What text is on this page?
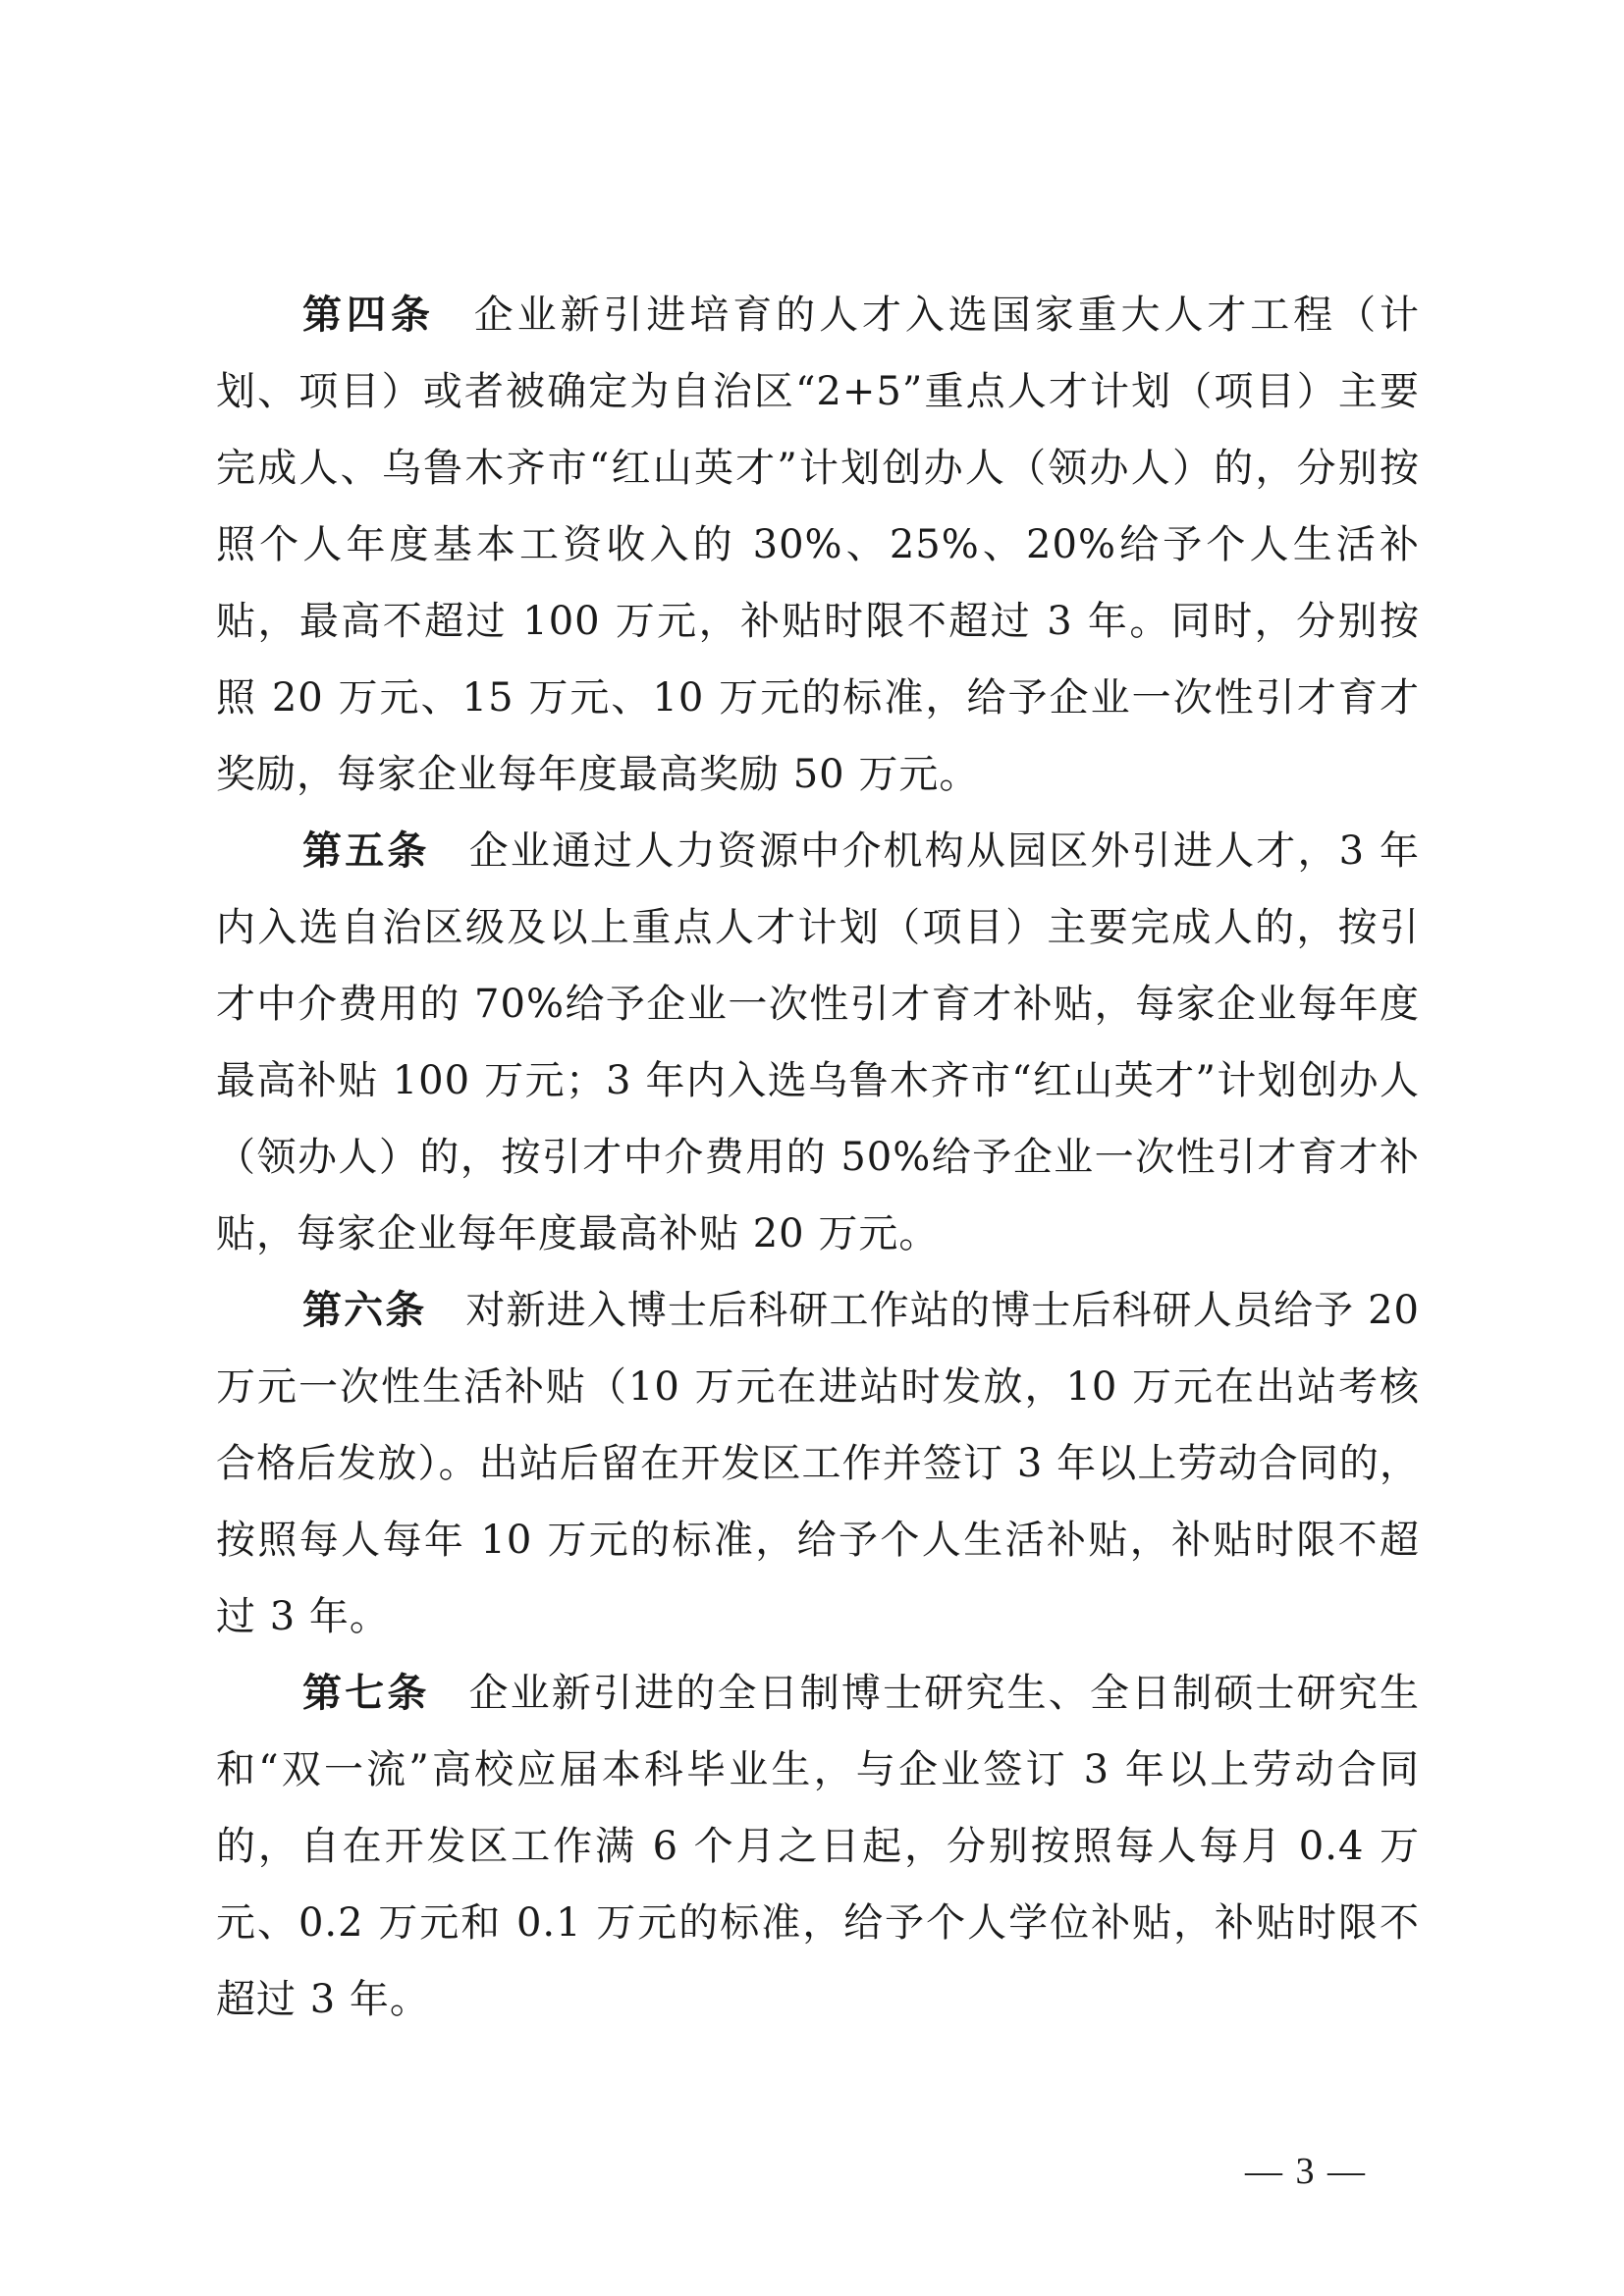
第四条 企业新引进培育的人才入选国家重大人才工程（计划、项目）或者被确定为自治区“2+5”重点人才计划（项目）主要完成人、乌鲁木齐市“红山英才”计划创办人（领办人）的，分别按照个人年度基本工资收入的 30%、25%、20%给予个人生活补贴，最高不超过 100 万元，补贴时限不超过 3 年。同时，分别按照 20 万元、15 万元、10 万元的标准，给予企业一次性引才育才奖励，每家企业每年度最高奖励 50 万元。

第五条 企业通过人力资源中介机构从园区外引进人才，3 年内入选自治区级及以上重点人才计划（项目）主要完成人的，按引才中介费用的 70%给予企业一次性引才育才补贴，每家企业每年度最高补贴 100 万元；3 年内入选乌鲁木齐市“红山英才”计划创办人（领办人）的，按引才中介费用的 50%给予企业一次性引才育才补贴，每家企业每年度最高补贴 20 万元。

第六条 对新进入博士后科研工作站的博士后科研人员给予 20 万元一次性生活补贴（10 万元在进站时发放，10 万元在出站考核合格后发放）。出站后留在开发区工作并签订 3 年以上劳动合同的，按照每人每年 10 万元的标准，给予个人生活补贴，补贴时限不超过 3 年。

第七条 企业新引进的全日制博士研究生、全日制硕士研究生和“双一流”高校应届本科毕业生，与企业签订 3 年以上劳动合同的，自在开发区工作满 6 个月之日起，分别按照每人每月 0.4 万元、0.2 万元和 0.1 万元的标准，给予个人学位补贴，补贴时限不超过 3 年。

— 3 —
